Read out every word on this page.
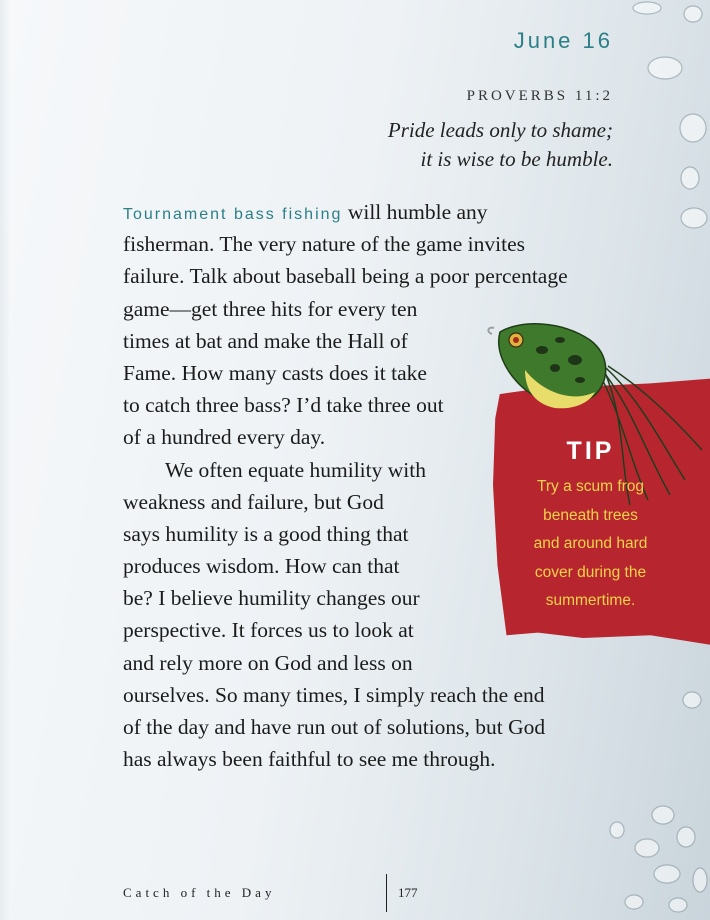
June 16
PROVERBS 11:2
Pride leads only to shame;
it is wise to be humble.
Tournament bass fishing will humble any
fisherman. The very nature of the game invites
failure. Talk about baseball being a poor percentage
game—get three hits for every ten
times at bat and make the Hall of
Fame. How many casts does it take
to catch three bass? I’d take three out
of a hundred every day.
We often equate humility with
weakness and failure, but God
says humility is a good thing that
produces wisdom. How can that
be? I believe humility changes our
perspective. It forces us to look at
and rely more on God and less on
ourselves. So many times, I simply reach the end
of the day and have run out of solutions, but God
has always been faithful to see me through.
TIP
Try a scum frog
beneath trees
and around hard
cover during the
summertime.
Catch of the Day	177
